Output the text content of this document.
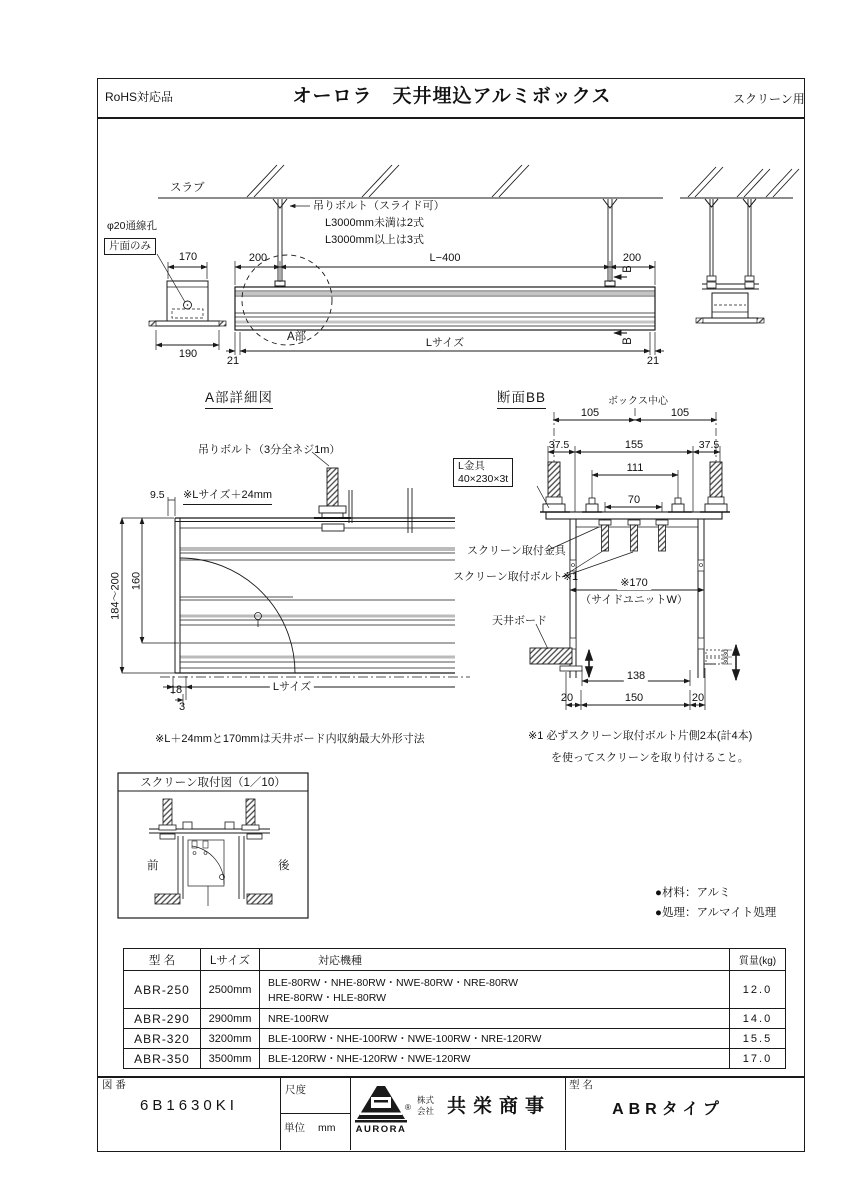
RoHS対応品	オーロラ　天井埋込アルミボックス	スクリーン用
スラブ
吊りボルト（スライド可）
L3000mm未満は2式
L3000mm以上は3式
φ20通線孔
片面のみ
170
190
200	L−400	200
B
B
A部	Lサイズ
21	21
A部詳細図
吊りボルト（3分全ネジ1m）
9.5 ※Lサイズ＋24mm
184～200 160
18
3
Lサイズ
※L＋24mmと170mmは天井ボード内収納最大外形寸法
断面BB	ボックス中心
105	105
37.5	155	37.5
111
70
L金具
40×230×3t
スクリーン取付金具
スクリーン取付ボルト※1	※170
（サイドユニットW）
天井ボード
138
20	150	20
30
30
※1 必ずスクリーン取付ボルト片側2本(計4本)
を使ってスクリーンを取り付けること。
スクリーン取付図（1／10）
前	後
●材料：アルミ
●処理：アルマイト処理
型 名	Lサイズ	対応機種	質量(kg)
ABR-250	2500mm	BLE-80RW・NHE-80RW・NWE-80RW・NRE-80RW
HRE-80RW・HLE-80RW	12.0
ABR-290	2900mm	NRE-100RW	14.0
ABR-320	3200mm	BLE-100RW・NHE-100RW・NWE-100RW・NRE-120RW	15.5
ABR-350	3500mm	BLE-120RW・NHE-120RW・NWE-120RW	17.0
図 番
6B1630KI
尺度
単位 mm AURORA
®
株式
会社 共栄商事
型 名
ABRタイプ
